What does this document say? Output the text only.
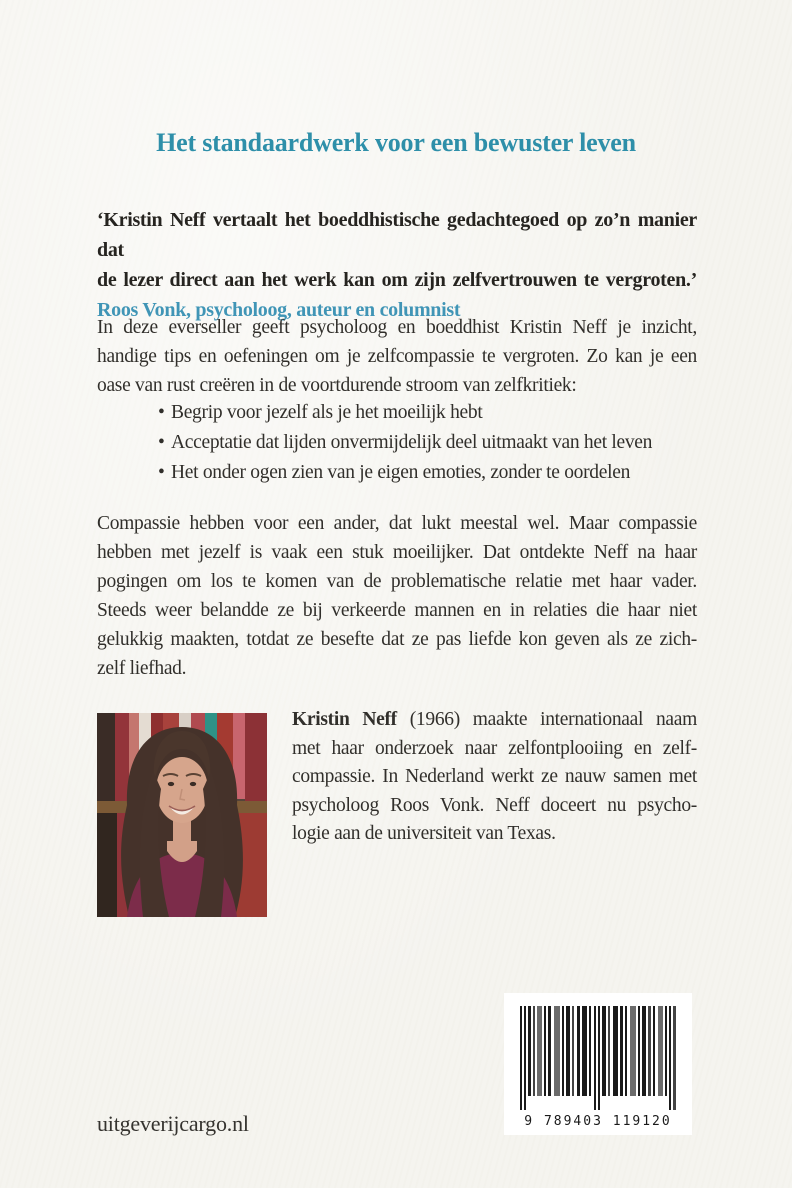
Het standaardwerk voor een bewuster leven
‘Kristin Neff vertaalt het boeddhistische gedachtegoed op zo’n manier dat
de lezer direct aan het werk kan om zijn zelfvertrouwen te vergroten.’
Roos Vonk, psycholoog, auteur en columnist
In deze everseller geeft psycholoog en boeddhist Kristin Neff je inzicht,
handige tips en oefeningen om je zelfcompassie te vergroten. Zo kan je een
oase van rust creëren in de voortdurende stroom van zelfkritiek:
• Begrip voor jezelf als je het moeilijk hebt
• Acceptatie dat lijden onvermijdelijk deel uitmaakt van het leven
• Het onder ogen zien van je eigen emoties, zonder te oordelen
Compassie hebben voor een ander, dat lukt meestal wel. Maar compassie
hebben met jezelf is vaak een stuk moeilijker. Dat ontdekte Neff na haar
pogingen om los te komen van de problematische relatie met haar vader.
Steeds weer belandde ze bij verkeerde mannen en in relaties die haar niet
gelukkig maakten, totdat ze besefte dat ze pas liefde kon geven als ze zich-
zelf liefhad.
Kristin Neff (1966) maakte internationaal naam
met haar onderzoek naar zelfontplooiing en zelf-
compassie. In Nederland werkt ze nauw samen met
psycholoog Roos Vonk. Neff doceert nu psycho-
logie aan de universiteit van Texas.
uitgeverijcargo.nl	9 789403 119120
